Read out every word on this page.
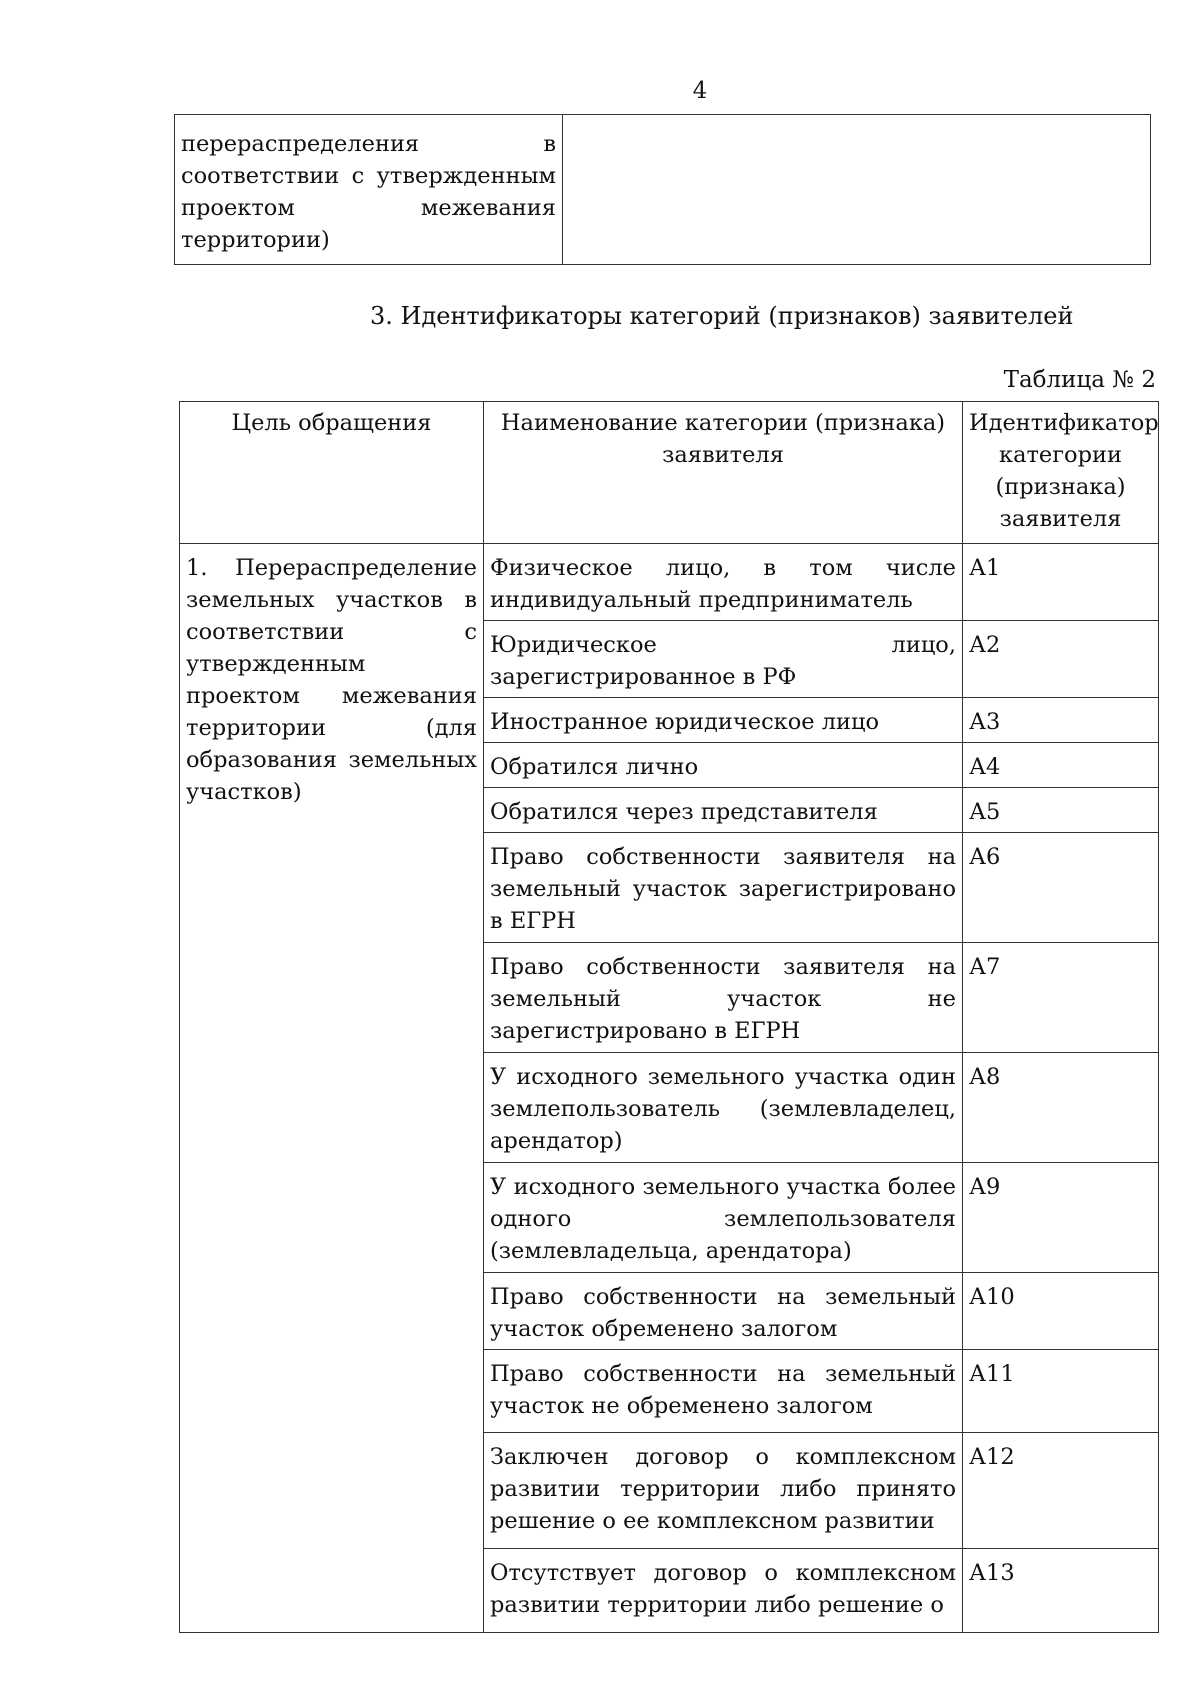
4
перераспределения в соответствии с утвержденным проектом межевания территории)	
3. Идентификаторы категорий (признаков) заявителей
Таблица № 2
Цель обращения	Наименование категории (признака) заявителя	Идентификатор категории (признака) заявителя
1. Перераспределение земельных участков в соответствии с утвержденным проектом межевания территории (для образования земельных участков)	Физическое лицо, в том числе индивидуальный предприниматель	А1
	Юридическое лицо, зарегистрированное в РФ	А2
	Иностранное юридическое лицо	А3
	Обратился лично	А4
	Обратился через представителя	А5
	Право собственности заявителя на земельный участок зарегистрировано в ЕГРН	А6
	Право собственности заявителя на земельный участок не зарегистрировано в ЕГРН	А7
	У исходного земельного участка один землепользователь (землевладелец, арендатор)	А8
	У исходного земельного участка более одного землепользователя (землевладельца, арендатора)	А9
	Право собственности на земельный участок обременено залогом	А10
	Право собственности на земельный участок не обременено залогом	А11
	Заключен договор о комплексном развитии территории либо принято решение о ее комплексном развитии	А12
	Отсутствует договор о комплексном развитии территории либо решение о	А13
